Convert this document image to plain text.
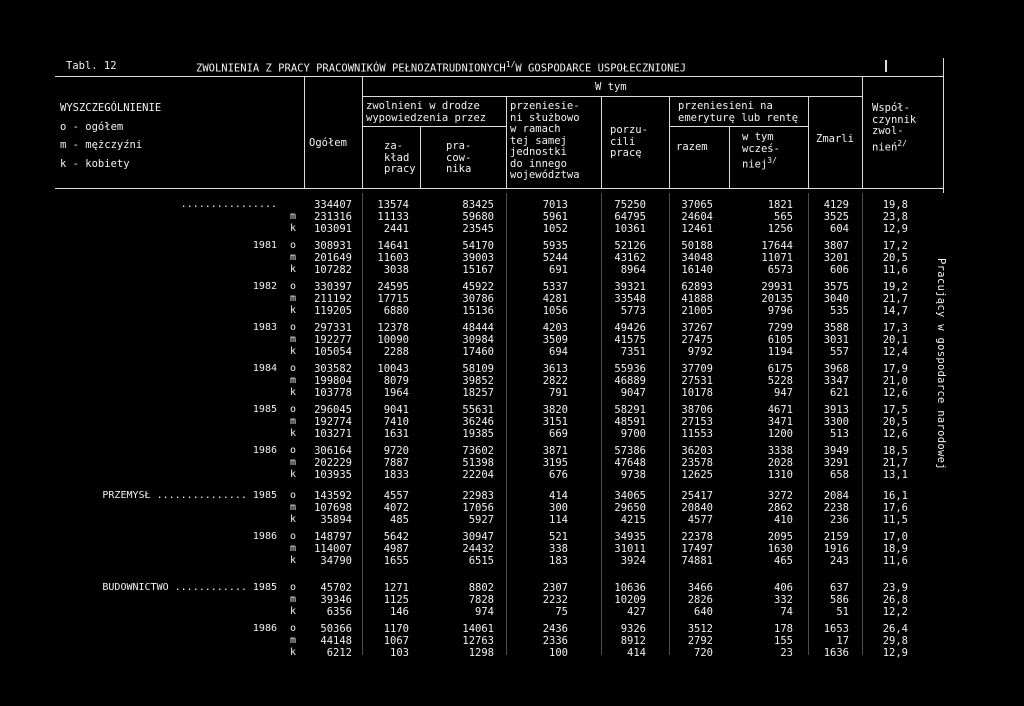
Tabl. 12	ZWOLNIENIA Z PRACY PRACOWNIKÓW $PEŁNOZATRUDNIONYCH^{1/}W$ GOSPODARCE USPOŁECZNIONEJ
W tym
WYSZCZEGÓLNIENIE
o - ogółem
m - mężczyźni
k - kobiety
Ogółem
zwolnieni w drodze
wypowiedzenia przez
za-
kład
pracy
pra-
cow-
nika
przeniesie-
ni służbowo
w ramach
tej samej
jednostki
do innego
województwa
porzu-
cili
pracę
przeniesieni na
emeryturę lub rentę
razem
w tym
wcześ-
niej$^{3/}$
Zmarli
Współ-
czynnik
zwol-
nień$^{2/}$
Pracujący w gospodarce narodowej
................	334407 13574	83425	7013	75250	37065	1821	4129	19,8
m 231316 11133	59680	5961	64795	24604	565	3525	23,8
k 103091	2441	23545	1052	10361	12461	1256	604	12,9
1981 o 308931 14641	54170	5935	52126	50188	17644	3807	17,2
m 201649 11603	39003	5244	43162	34048	11071	3201	20,5
k 107282	3038	15167	691	8964	16140	6573	606	11,6
1982 o 330397 24595	45922	5337	39321	62893	29931	3575	19,2
m 211192 17715	30786	4281	33548	41888	20135	3040	21,7
k 119205	6880	15136	1056	5773	21005	9796	535	14,7
1983 o 297331 12378	48444	4203	49426	37267	7299	3588	17,3
m 192277 10090	30984	3509	41575	27475	6105	3031	20,1
k 105054	2288	17460	694	7351	9792	1194	557	12,4
1984 o 303582 10043	58109	3613	55936	37709	6175	3968	17,9
m 199804	8079	39852	2822	46889	27531	5228	3347	21,0
k 103778	1964	18257	791	9047	10178	947	621	12,6
1985 o 296045	9041	55631	3820	58291	38706	4671	3913	17,5
m 192774	7410	36246	3151	48591	27153	3471	3300	20,5
k 103271	1631	19385	669	9700	11553	1200	513	12,6
1986 o 306164	9720	73602	3871	57386	36203	3338	3949	18,5
m 202229	7887	51398	3195	47648	23578	2028	3291	21,7
k 103935	1833	22204	676	9738	12625	1310	658	13,1
PRZEMYSŁ ............... 1985 o 143592	4557	22983	414	34065	25417	3272	2084	16,1
m 107698	4072	17056	300	29650	20840	2862	2238	17,6
k 35894	485	5927	114	4215	4577	410	236	11,5
1986 o 148797	5642	30947	521	34935	22378	2095	2159	17,0
m 114007	4987	24432	338	31011	17497	1630	1916	18,9
k 34790	1655	6515	183	3924	74881	465	243	11,6
BUDOWNICTWO ............ 1985 o 45702	1271	8802	2307	10636	3466	406	637	23,9
m 39346	1125	7828	2232	10209	2826	332	586	26,8
k	6356	146	974	75	427	640	74	51	12,2
1986 o 50366	1170	14061	2436	9326	3512	178	1653	26,4
m 44148	1067	12763	2336	8912	2792	155	17	29,8
k	6212	103	1298	100	414	720	23	1636	12,9
